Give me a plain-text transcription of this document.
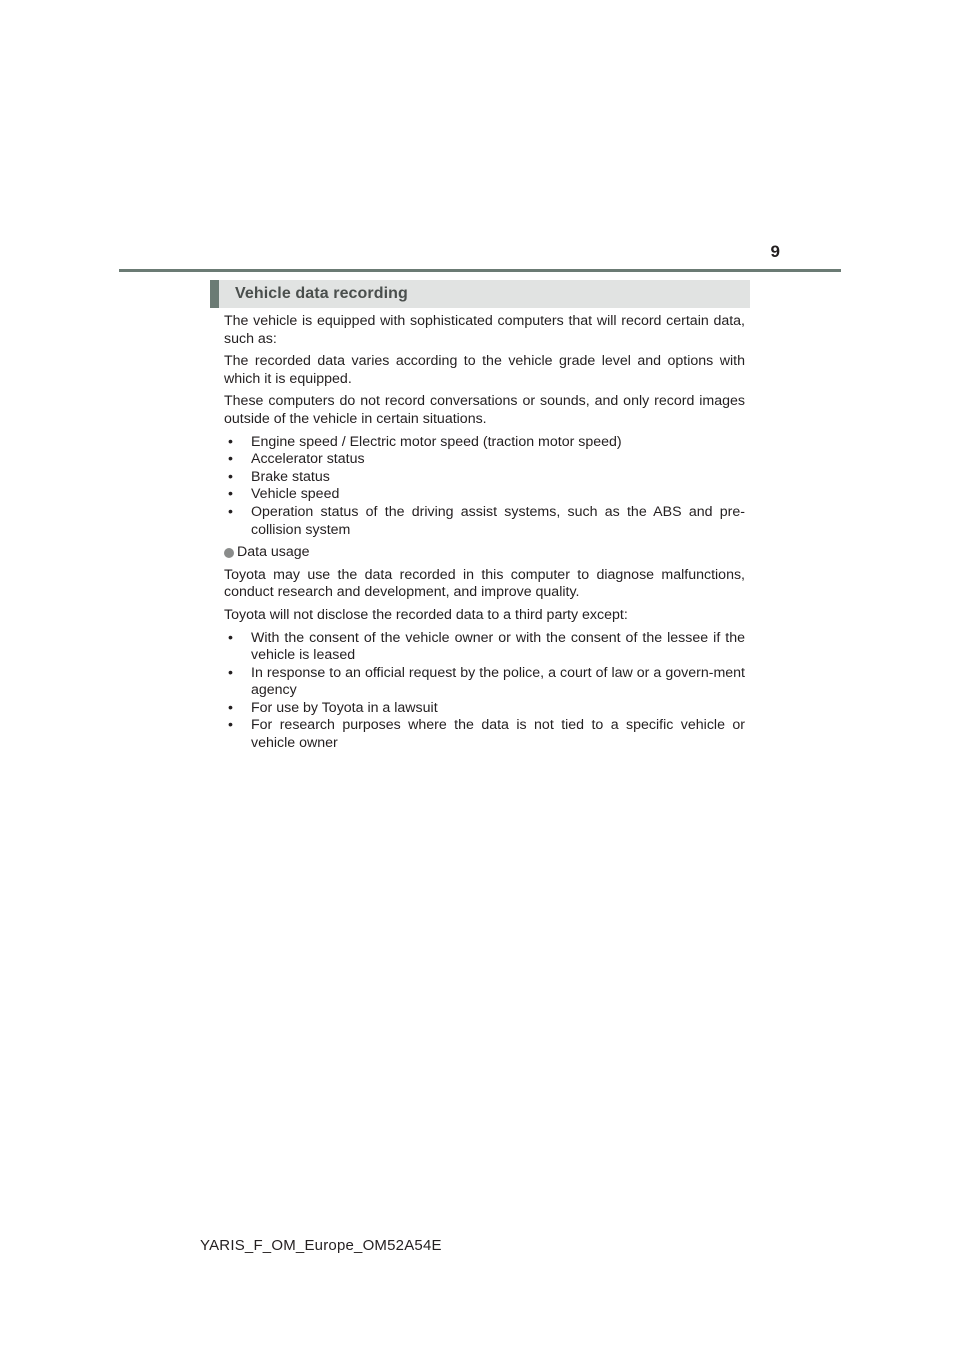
9
Vehicle data recording

The vehicle is equipped with sophisticated computers that will record certain data, such as:

The recorded data varies according to the vehicle grade level and options with which it is equipped.

These computers do not record conversations or sounds, and only record images outside of the vehicle in certain situations.

• Engine speed / Electric motor speed (traction motor speed)
• Accelerator status
• Brake status
• Vehicle speed
• Operation status of the driving assist systems, such as the ABS and pre-collision system
Data usage

Toyota may use the data recorded in this computer to diagnose malfunctions, conduct research and development, and improve quality.

Toyota will not disclose the recorded data to a third party except:

• With the consent of the vehicle owner or with the consent of the lessee if the vehicle is leased
• In response to an official request by the police, a court of law or a govern-ment agency
• For use by Toyota in a lawsuit
• For research purposes where the data is not tied to a specific vehicle or vehicle owner
YARIS_F_OM_Europe_OM52A54E
